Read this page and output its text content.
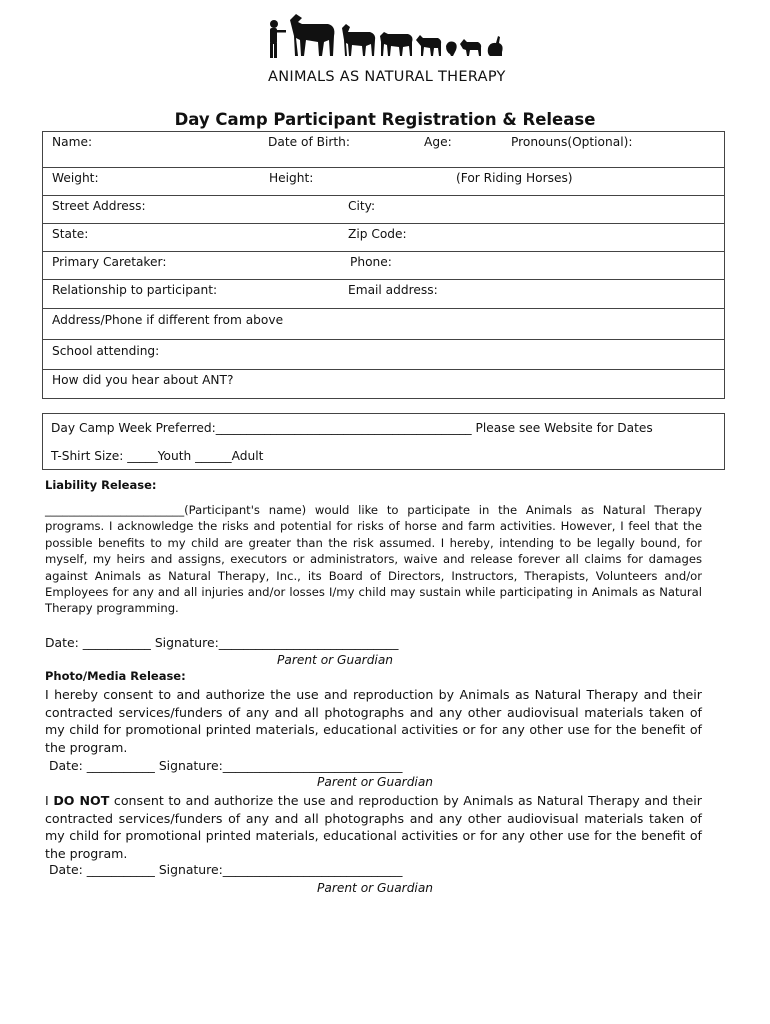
ANIMALS AS NATURAL THERAPY
Day Camp Participant Registration & Release
Name:	Date of Birth:	Age:	Pronouns(Optional):

Weight:	Height:	(For Riding Horses)

Street Address:	City:

State:	Zip Code:

Primary Caretaker:	Phone:

Relationship to participant:	Email address:

Address/Phone if different from above

School attending:

How did you hear about ANT?
Day Camp Week Preferred:__________________________________________ Please see Website for Dates
T-Shirt Size: _____Youth ______Adult
Liability Release:
________________________(Participant's name) would like to participate in the Animals as Natural Therapy programs. I acknowledge the risks and potential for risks of horse and farm activities. However, I feel that the possible benefits to my child are greater than the risk assumed. I hereby, intending to be legally bound, for myself, my heirs and assigns, executors or administrators, waive and release forever all claims for damages against Animals as Natural Therapy, Inc., its Board of Directors, Instructors, Therapists, Volunteers and/or Employees for any and all injuries and/or losses I/my child may sustain while participating in Animals as Natural Therapy programming.
Date: ___________ Signature:_____________________________
Parent or Guardian
Photo/Media Release:
I hereby consent to and authorize the use and reproduction by Animals as Natural Therapy and their contracted services/funders of any and all photographs and any other audiovisual materials taken of my child for promotional printed materials, educational activities or for any other use for the benefit of the program.
Date: ___________ Signature:_____________________________
Parent or Guardian
I DO NOT consent to and authorize the use and reproduction by Animals as Natural Therapy and their contracted services/funders of any and all photographs and any other audiovisual materials taken of my child for promotional printed materials, educational activities or for any other use for the benefit of the program.
Date: ___________ Signature:_____________________________
Parent or Guardian
